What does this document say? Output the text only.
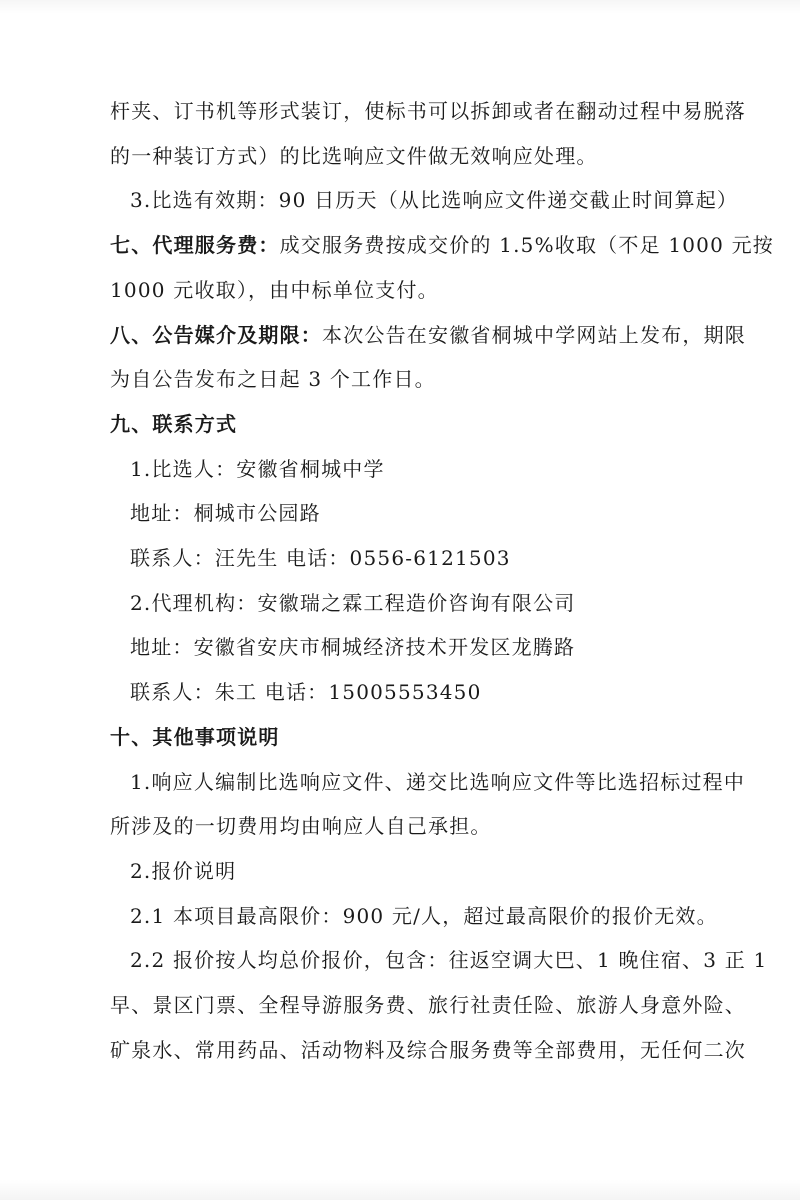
杆夹、订书机等形式装订，使标书可以拆卸或者在翻动过程中易脱落
的一种装订方式）的比选响应文件做无效响应处理。
3.比选有效期：90 日历天（从比选响应文件递交截止时间算起）
七、代理服务费：成交服务费按成交价的 1.5%收取（不足 1000 元按
1000 元收取），由中标单位支付。
八、公告媒介及期限：本次公告在安徽省桐城中学网站上发布，期限
为自公告发布之日起 3 个工作日。
九、联系方式
1.比选人：安徽省桐城中学
地址：桐城市公园路
联系人：汪先生 电话：0556-6121503
2.代理机构：安徽瑞之霖工程造价咨询有限公司
地址：安徽省安庆市桐城经济技术开发区龙腾路
联系人：朱工 电话：15005553450
十、其他事项说明
1.响应人编制比选响应文件、递交比选响应文件等比选招标过程中
所涉及的一切费用均由响应人自己承担。
2.报价说明
2.1 本项目最高限价：900 元/人，超过最高限价的报价无效。
2.2 报价按人均总价报价，包含：往返空调大巴、1 晚住宿、3 正 1
早、景区门票、全程导游服务费、旅行社责任险、旅游人身意外险、
矿泉水、常用药品、活动物料及综合服务费等全部费用，无任何二次
